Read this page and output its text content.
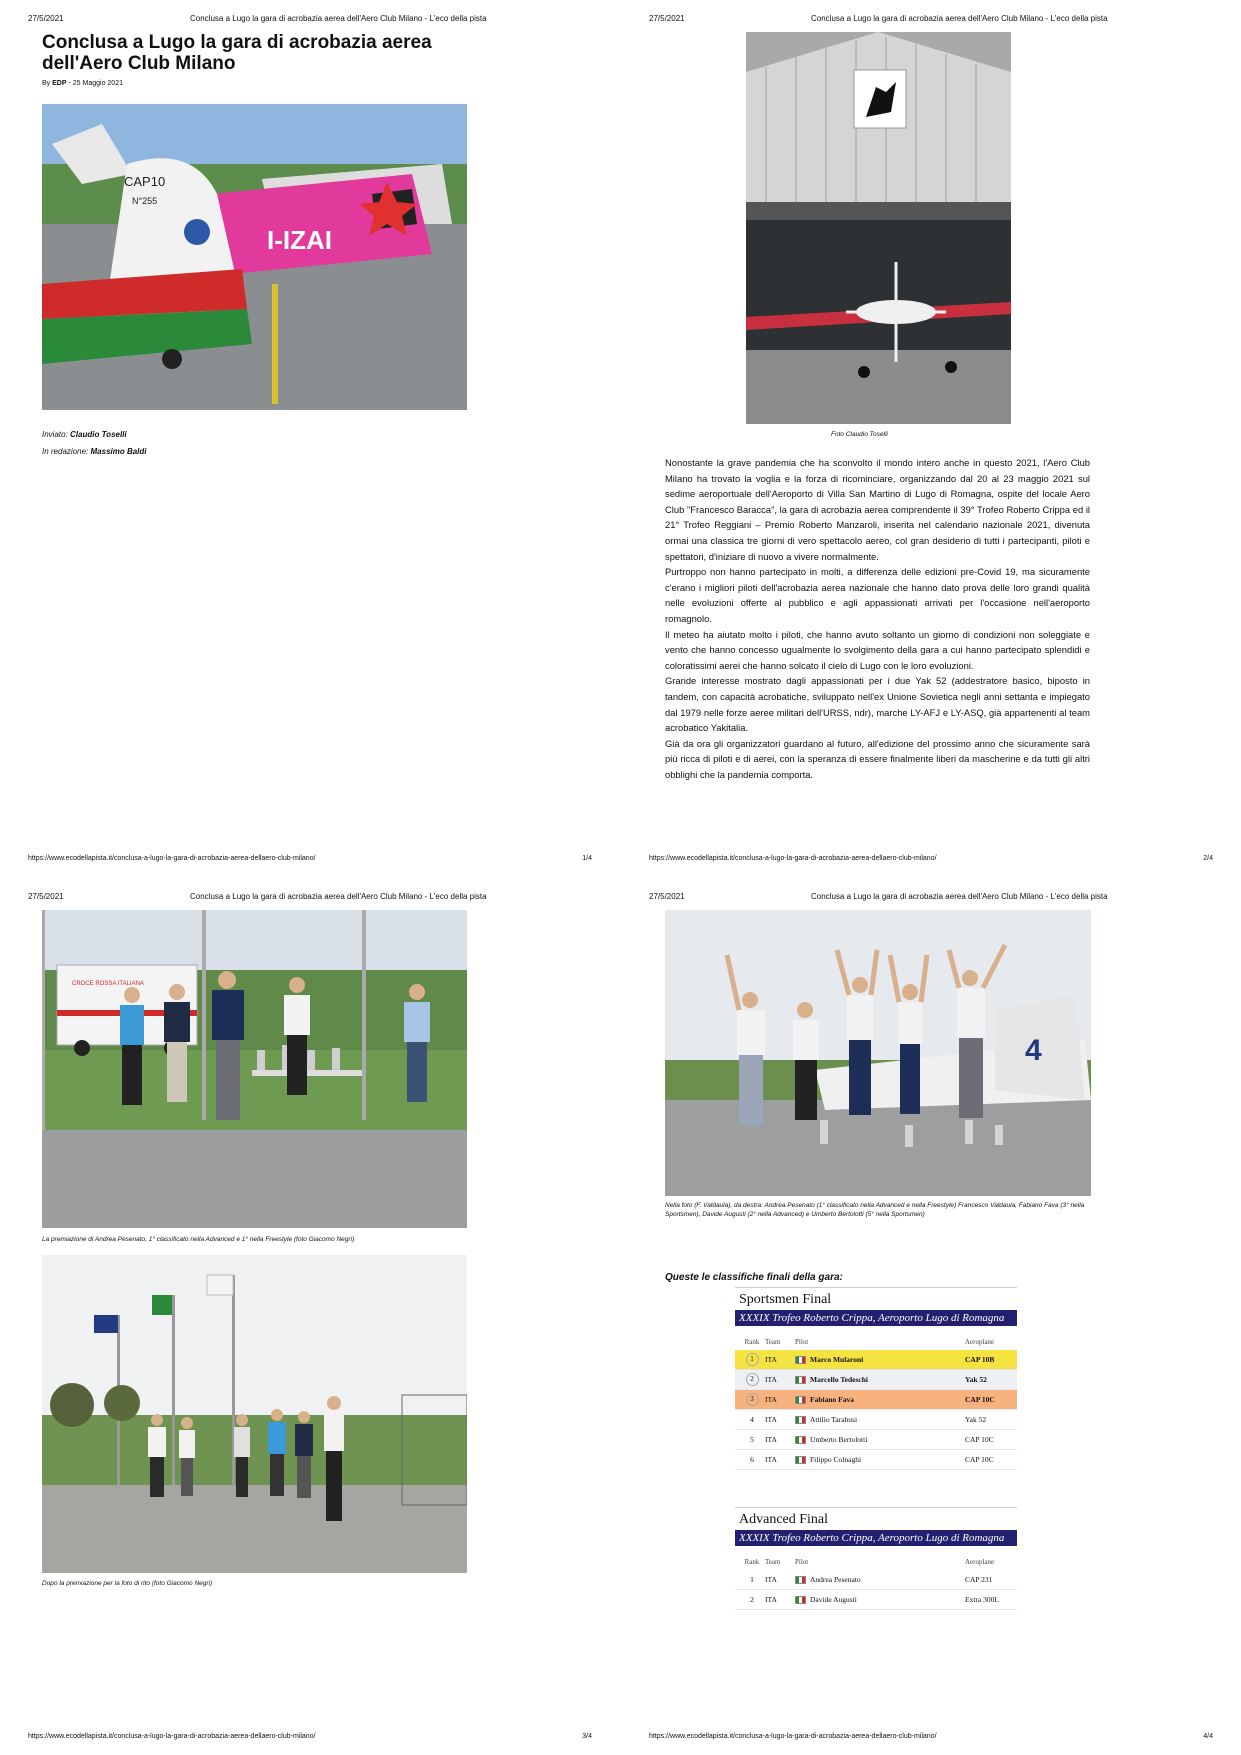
27/5/2021	Conclusa a Lugo la gara di acrobazia aerea dell'Aero Club Milano - L'eco della pista
Conclusa a Lugo la gara di acrobazia aerea dell'Aero Club Milano
By EDP - 25 Maggio 2021
I-IZAI
CAP10
N°255
Inviato: Claudio Toselli
In redazione: Massimo Baldi
https://www.ecodellapista.it/conclusa-a-lugo-la-gara-di-acrobazia-aerea-dellaero-club-milano/	1/4
27/5/2021	Conclusa a Lugo la gara di acrobazia aerea dell'Aero Club Milano - L'eco della pista
Foto Claudio Toselli

Nonostante la grave pandemia che ha sconvolto il mondo intero anche in questo 2021, l'Aero Club Milano ha trovato la voglia e la forza di ricominciare, organizzando dal 20 al 23 maggio 2021 sul sedime aeroportuale dell'Aeroporto di Villa San Martino di Lugo di Romagna, ospite del locale Aero Club "Francesco Baracca", la gara di acrobazia aerea comprendente il 39° Trofeo Roberto Crippa ed il 21° Trofeo Reggiani – Premio Roberto Manzaroli, inserita nel calendario nazionale 2021, divenuta ormai una classica tre giorni di vero spettacolo aereo, col gran desiderio di tutti i partecipanti, piloti e spettatori, d'iniziare di nuovo a vivere normalmente.

Purtroppo non hanno partecipato in molti, a differenza delle edizioni pre-Covid 19, ma sicuramente c'erano i migliori piloti dell'acrobazia aerea nazionale che hanno dato prova delle loro grandi qualità nelle evoluzioni offerte al pubblico e agli appassionati arrivati per l'occasione nell'aeroporto romagnolo.

Il meteo ha aiutato molto i piloti, che hanno avuto soltanto un giorno di condizioni non soleggiate e vento che hanno concesso ugualmente lo svolgimento della gara a cui hanno partecipato splendidi e coloratissimi aerei che hanno solcato il cielo di Lugo con le loro evoluzioni.

Grande interesse mostrato dagli appassionati per i due Yak 52 (addestratore basico, biposto in tandem, con capacità acrobatiche, sviluppato nell'ex Unione Sovietica negli anni settanta e impiegato dal 1979 nelle forze aeree militari dell'URSS, ndr), marche LY-AFJ e LY-ASQ, già appartenenti al team acrobatico Yakitalia.

Già da ora gli organizzatori guardano al futuro, all'edizione del prossimo anno che sicuramente sarà più ricca di piloti e di aerei, con la speranza di essere finalmente liberi da mascherine e da tutti gli altri obblighi che la pandemia comporta.

https://www.ecodellapista.it/conclusa-a-lugo-la-gara-di-acrobazia-aerea-dellaero-club-milano/	2/4
27/5/2021	Conclusa a Lugo la gara di acrobazia aerea dell'Aero Club Milano - L'eco della pista
CROCE ROSSA ITALIANA
La premiazione di Andrea Pesenato, 1° classificato nella Advanced e 1° nella Freestyle (foto Giacomo Negri)
Dopo la premiazione per la foto di rito (foto Giacomo Negri)
https://www.ecodellapista.it/conclusa-a-lugo-la-gara-di-acrobazia-aerea-dellaero-club-milano/	3/4
27/5/2021	Conclusa a Lugo la gara di acrobazia aerea dell'Aero Club Milano - L'eco della pista
4
Nella foto (F. Valdaula), da destra: Andrea Pesenato (1° classificato nella Advanced e nella Freestyle) Francesco Valdaula, Fabiano Fava (3° nella Sportsmen), Davide Augusti (2° nella Advanced) e Umberto Bertolotti (5° nella Sportsmen)
Queste le classifiche finali della gara:
Sportsmen Final
XXXIX Trofeo Roberto Crippa, Aeroporto Lugo di Romagna
Rank Team	Pilot	Aeroplane
1	ITA	Marco Mularoni	CAP 10B
2	ITA	Marcello Tedeschi	Yak 52
3	ITA	Fabiano Fava	CAP 10C
4	ITA	Attilio Tarabusi	Yak 52
5	ITA	Umberto Bertolotti	CAP 10C
6	ITA	Filippo Colnaghi	CAP 10C
Advanced Final
XXXIX Trofeo Roberto Crippa, Aeroporto Lugo di Romagna
Rank Team	Pilot	Aeroplane
1	ITA	Andrea Pesenato	CAP 231
2	ITA	Davide Augusti	Extra 300L
https://www.ecodellapista.it/conclusa-a-lugo-la-gara-di-acrobazia-aerea-dellaero-club-milano/	4/4
